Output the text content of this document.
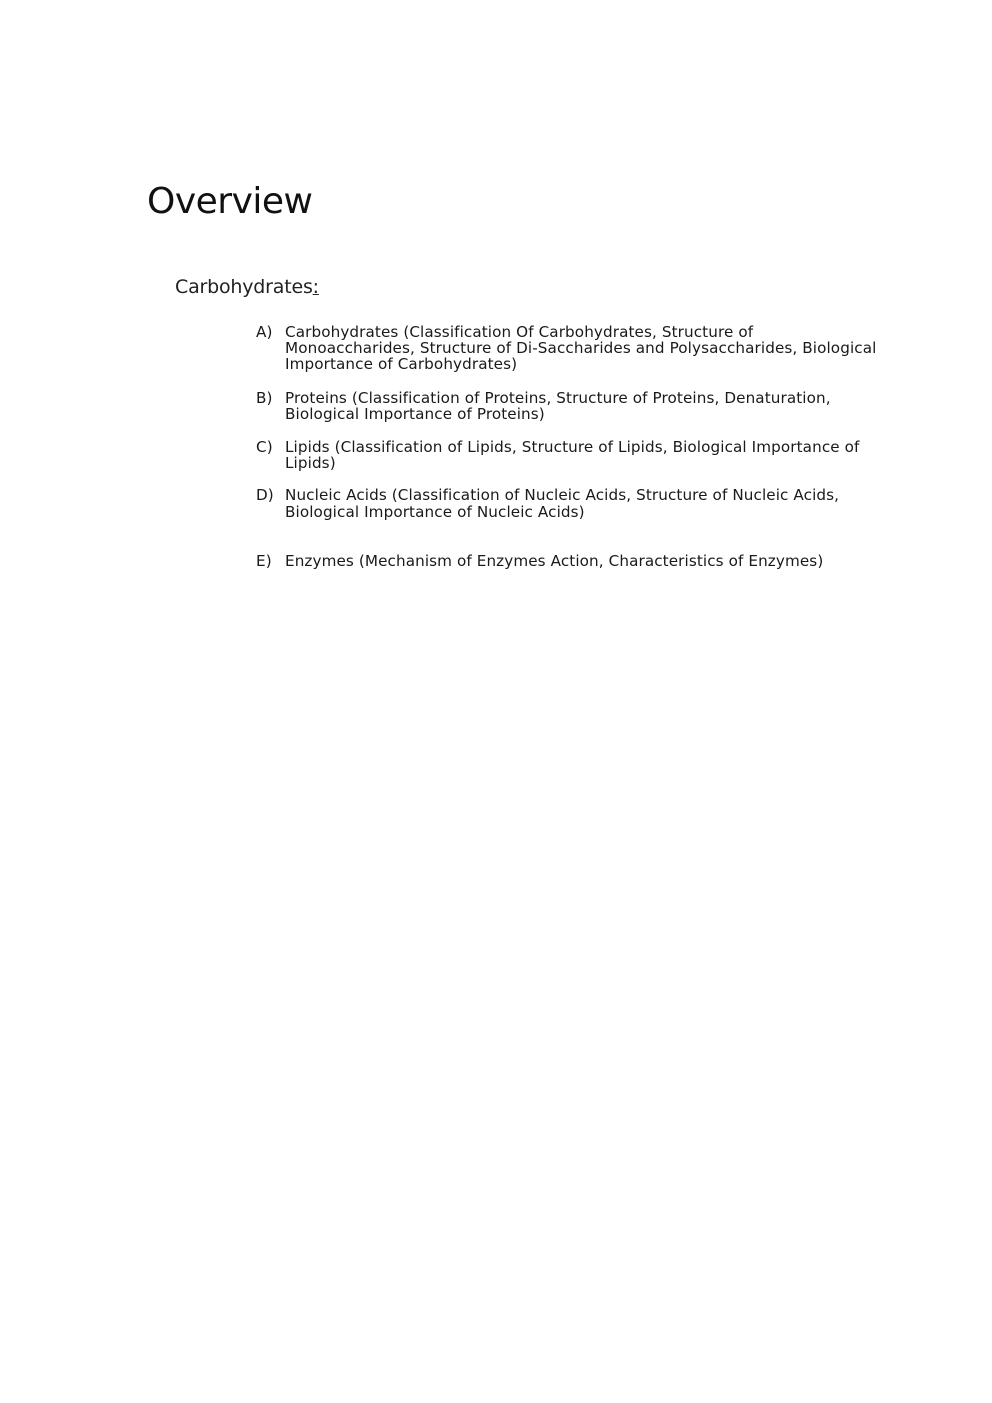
Overview

Carbohydrates:

A) Carbohydrates (Classification Of Carbohydrates, Structure of Monoaccharides, Structure of Di-Saccharides and Polysaccharides, Biological Importance of Carbohydrates)
B) Proteins (Classification of Proteins, Structure of Proteins, Denaturation, Biological Importance of Proteins)
C) Lipids (Classification of Lipids, Structure of Lipids, Biological Importance of Lipids)
D) Nucleic Acids (Classification of Nucleic Acids, Structure of Nucleic Acids, Biological Importance of Nucleic Acids)
E) Enzymes (Mechanism of Enzymes Action, Characteristics of Enzymes)
